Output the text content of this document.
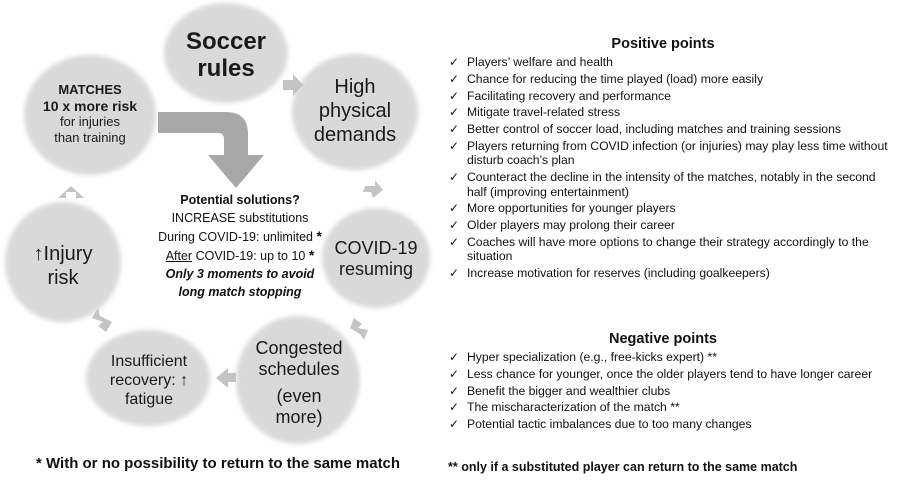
Soccer
rules
High
physical
demands
COVID-19
resuming
Congested
schedules
(even
more)
Insufficient
recovery: ↑
fatigue
↑Injury
risk
MATCHES
10 x more risk
for injuries
than training
Potential solutions?
INCREASE substitutions
During COVID-19: unlimited *
After COVID-19: up to 10 *
Only 3 moments to avoid
long match stopping
Positive points
✓ Players’ welfare and health
✓ Chance for reducing the time played (load) more easily
✓ Facilitating recovery and performance
✓ Mitigate travel-related stress
✓ Better control of soccer load, including matches and training sessions
✓ Players returning from COVID infection (or injuries) may play less time without disturb coach’s plan
✓ Counteract the decline in the intensity of the matches, notably in the second half (improving entertainment)
✓ More opportunities for younger players
✓ Older players may prolong their career
✓ Coaches will have more options to change their strategy accordingly to the situation
✓ Increase motivation for reserves (including goalkeepers)
Negative points
✓ Hyper specialization (e.g., free-kicks expert) **
✓ Less chance for younger, once the older players tend to have longer career
✓ Benefit the bigger and wealthier clubs
✓ The mischaracterization of the match **
✓ Potential tactic imbalances due to too many changes
* With or no possibility to return to the same match	** only if a substituted player can return to the same match
